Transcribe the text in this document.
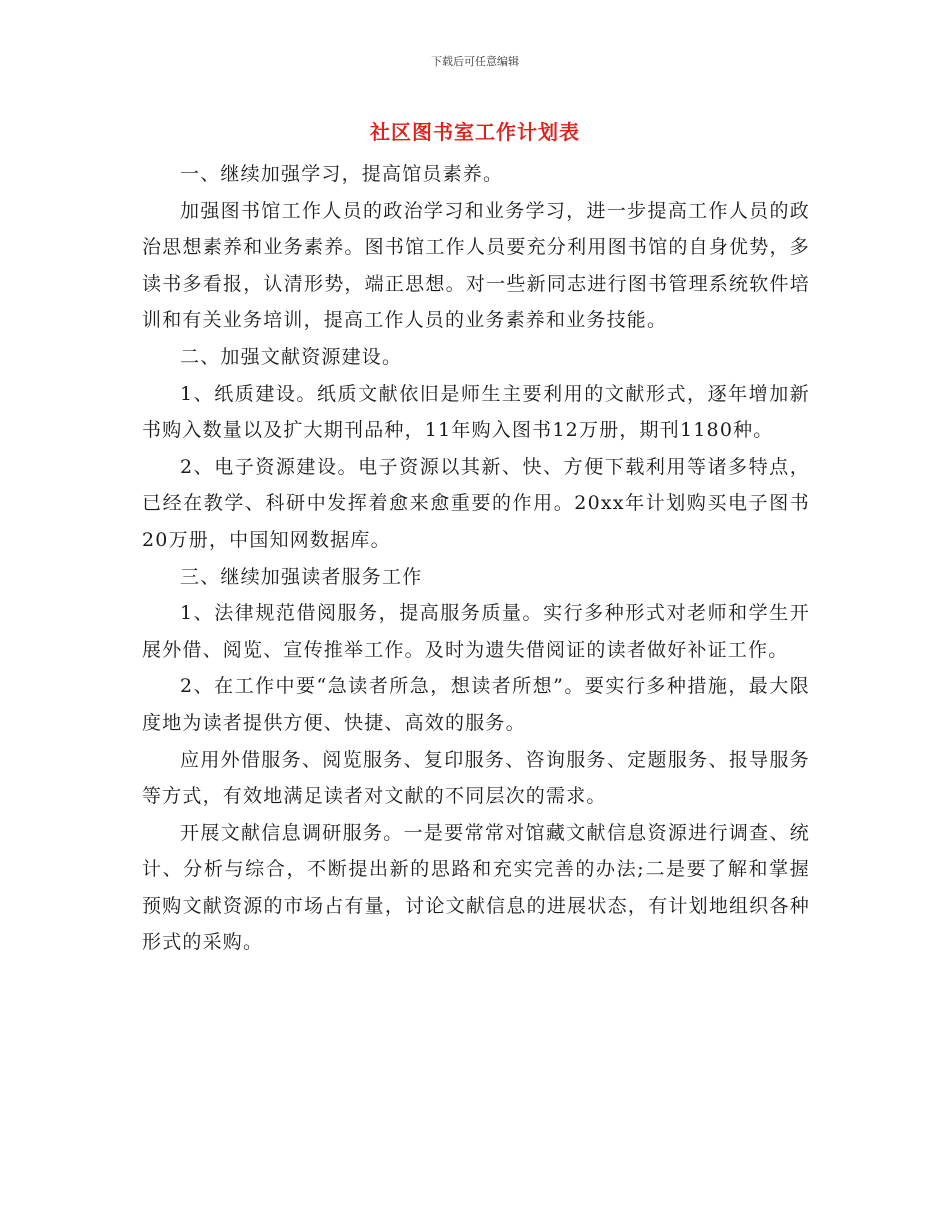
下载后可任意编辑
社区图书室工作计划表

一、继续加强学习，提高馆员素养。

加强图书馆工作人员的政治学习和业务学习，进一步提高工作人员的政治思想素养和业务素养。图书馆工作人员要充分利用图书馆的自身优势，多读书多看报，认清形势，端正思想。对一些新同志进行图书管理系统软件培训和有关业务培训，提高工作人员的业务素养和业务技能。

二、加强文献资源建设。

1、纸质建设。纸质文献依旧是师生主要利用的文献形式，逐年增加新书购入数量以及扩大期刊品种，11年购入图书12万册，期刊1180种。

2、电子资源建设。电子资源以其新、快、方便下载利用等诸多特点，已经在教学、科研中发挥着愈来愈重要的作用。20xx年计划购买电子图书20万册，中国知网数据库。

三、继续加强读者服务工作

1、法律规范借阅服务，提高服务质量。实行多种形式对老师和学生开展外借、阅览、宣传推举工作。及时为遗失借阅证的读者做好补证工作。

2、在工作中要“急读者所急，想读者所想”。要实行多种措施，最大限度地为读者提供方便、快捷、高效的服务。

应用外借服务、阅览服务、复印服务、咨询服务、定题服务、报导服务等方式，有效地满足读者对文献的不同层次的需求。

开展文献信息调研服务。一是要常常对馆藏文献信息资源进行调查、统计、分析与综合，不断提出新的思路和充实完善的办法;二是要了解和掌握预购文献资源的市场占有量，讨论文献信息的进展状态，有计划地组织各种形式的采购。
